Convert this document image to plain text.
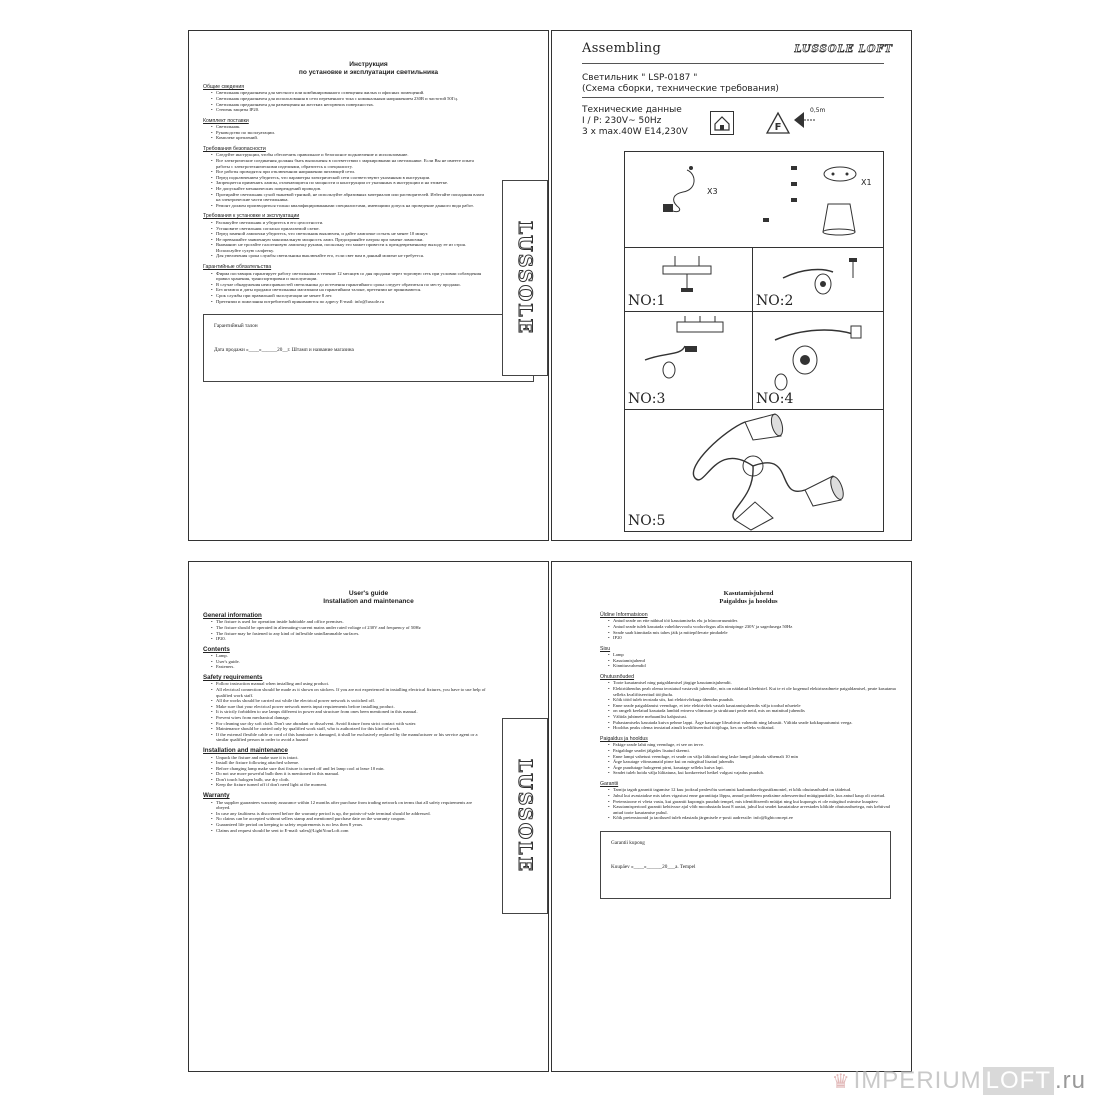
Инструкция
по установке и эксплуатации светильника
Общие сведения
• Светильник предназначен для местного или комбинированного освещения жилых и офисных помещений.
• Светильник предназначен для использования в сети переменного тока с номинальным напряжением 230В и частотой 50Гц.
• Светильник предназначен для размещения на жестких негорючих поверхностях.
• Степень защиты IP20.
Комплект поставки
• Светильник.
• Руководство по эксплуатации.
• Комплект креплений.
Требования безопасности
• Следуйте инструкции, чтобы обеспечить правильное и безопасное подключение и использование.
• Все электрические соединения должны быть выполнены в соответствии с маркировками на светильнике. Если Вы не имеете опыта работы с электротехническими изделиями, обратитесь к специалисту.
• Все работы проводятся при отключенном напряжении питающей сети.
• Перед подключением убедитесь, что параметры электрической сети соответствуют указанным в инструкции.
• Запрещается применять лампы, отличающиеся по мощности и конструкции от указанных в инструкции и на этикетке.
• Не допускайте механических повреждений проводов.
• Протирайте светильник сухой тканевой тряпкой, не используйте абразивных материалов или растворителей. Избегайте попадания влаги на электрические части светильника.
• Ремонт должен производиться только квалифицированными специалистами, имеющими допуск на проведение данного вида работ.
Требования к установке и эксплуатации
• Распакуйте светильник и убедитесь в его целостности.
• Установите светильник согласно прилагаемой схеме.
• Перед заменой лампочки убедитесь, что светильник выключен, и дайте лампочке остыть не менее 10 минут.
• Не превышайте заявленную максимальную мощность ламп. Предохраняйте патрон при замене лампочки.
• Внимание: не трогайте галогеновую лампочку руками, поскольку это может привести к преждевременному выходу ее из строя. Используйте сухую салфетку.
• Для увеличения срока службы светильника выключайте его, если свет вам в данный момент не требуется.
Гарантийные обязательства
• Фирма поставщик гарантирует работу светильника в течение 12 месяцев со дня продажи через торговую сеть при условии соблюдения правил хранения, транспортировки и эксплуатации.
• В случае обнаружения неисправностей светильника до истечения гарантийного срока следует обратиться по месту продажи.
• Без штампа и даты продажи светильника магазином на гарантийном талоне, претензии не принимаются.
• Срок службы при правильной эксплуатации не менее 8 лет.
• Претензии и пожелания потребителей принимаются по адресу E-mail: info@lussole.ru
Гарантийный талон
Дата продажи «____»______20__г. Штамп и название магазина
LUSSOLE
Assembling	LUSSOLE LOFT
Светильник " LSP-0187 "
(Схема сборки, технические требования)
Технические данные
I / P: 230V~ 50Hz
3 x max.40W E14,230V	F
0,5m
X3
X1
NO:1	NO:2
NO:3	NO:4
NO:5
User's guide
Installation and maintenance
General information
• The fixture is used for operation inside habitable and office premises.
• The fixture should be operated in alternating-current mains under rated voltage of 230V and frequency of 50Hz
• The fixture may be fastened to any kind of inflexible uninflammable surfaces.
• IP20.
Contents
• Lamp.
• User's guide.
• Fasteners.
Safety requirements
• Follow instruction manual when installing and using product.
• All electrical connection should be made as it shown on stickers. If you are not experienced in installing electrical fixtures, you have to use help of qualified work staff.
• All the works should be carried out while the electrical power network is switched off.
• Make sure that your electrical power network meets input requirements before installing product.
• It is strictly forbidden to use lamps different in power and structure from ones been mentioned in this manual.
• Prevent wires from mechanical damage.
• For cleaning use dry soft cloth. Don't use abradant or dissolvent. Avoid fixture from strict contact with water.
• Maintenance should be carried only by qualified work staff, who is authorized for this kind of work.
• If the external flexible cable or cord of this luminaire is damaged, it shall be exclusively replaced by the manufacturer or his service agent or a similar qualified person in order to avoid a hazard
Installation and maintenance
• Unpack the fixture and make sure it is intact.
• Install the fixture following attached scheme.
• Before changing lamp make sure that fixture is turned off and let lamp cool at lease 10 min.
• Do not use more powerful bulb then it is mentioned in this manual.
• Don't touch halogen bulb, use dry cloth.
• Keep the fixture turned off if don't need light at the moment.
Warranty
• The supplier guarantees warranty assurance within 12 months after purchase from trading network on terms that all safety requirements are obeyed.
• In case any faultiness is discovered before the warranty period is up, the points-of-sale terminal should be addressed.
• No claims can be accepted without sellers stamp and mentioned purchase date on the warranty coupon.
• Guaranteed life period on keeping to safety requirements is no less then 8 years.
• Claims and request should be sent to E-mail: sales@LightYourLoft.com	LUSSOLE
Kasutamisjuhend
Paigaldus ja hooldus
Üldine Informatsioon
• Antud seade on ette nähtud töö kasutamiseks elu ja büroorruumides
• Antud seade tuleb kasutada vahelduvvoolu vooluvõrgus alla nimipinge 230V ja sagedusega 50Hz
• Seade saab kinnitada mis tahes jäik ja mittepõlevate pindadele
• IP20
Sisu
• Lamp
• Kasutamisjuhend
• Kinnitusvahendid
Ohutusnõuded
• Toote kasutamisel ning paigaldamisel järgige kasutamisjuhendit.
• Elektriühendus peab olema teostatud vastavalt juhendile, mis on näidatud kleebistel. Kui te ei ole kogenud elektriseadmete paigaldamisel, peate kasutama selleks kvalifitseeritud tööjõudu.
• Kõik tööd tuleb teostada siis, kui elektrivõrkuga ühendus puudub.
• Enne seade paigaldamist veenduge, et teie elektrivõrk vastab kasutamisjuhendis välja toodud nõuetele
• on rangelt keelatud kasutada lambid erineva võimsuse ja struktuuri peale neid, mis on mainitud juhendis
• Vältida juhtmete mehaanilist kahjustust.
• Puhastamiseks kasutada kuiva pehme lappi. Ärge kasutage lihvabivat vahendit ning lahustit. Vältida seade kokkupuutumist veega.
• Hooldus peaks olema teostatud ainult kvalifitseeritud tööjõuga, kes on selleks volitatud.
Paigaldus ja hooldus
• Pakige seade lahti ning veenduge, et see on terve.
• Paigaldage seadet jälgides lisatud skeemi.
• Enne lampi vahetust veenduge, et seade on välja lülitatud ning laske lampil jahtuda vähemalt 10 min
• Ärge kasutage võimsamaid pirne kui on märgitud lisatud juhendis
• Ärge puudutage halogeeni pirni, kasutage selleks kuiva lapi.
• Seadet tuleb hoida välja lülitatuna, kui konkreetsel hetkel valgust vajadus puudub.
Garantii
• Tarnija tagab garantii tagamise 12 kuu jooksul pealevõtu soetamist kaubandusvõrgustikmontel, et kõik ohutusnõuded on täidetud.
• Juhul kui avastatakse mis tahes vigastusi enne garantiiaja lõppu, annud probleem peaksime adresseeritud müügipunktile, kus antud kaup oli ostetud.
• Pretensioone ei võeta vastu, kui garantii kupongis puudub tempel, mis identifitseerib müüjat ning kui kupongis ei ole märgitud ostmise kuupäev.
• Kasutamisperiood garantii kehtivuse ajal võib moodustada kuni 8 aastat, juhul kui seadet kasutatakse arvestades kõikide ohutusnõuetega, mis kehtivad antud toote kasutamise puhul.
• Kõik pretensioonid ja taotlused tuleb edastada järgmisele e-posti aadressile: info@lightconcept.ee
Garantii kupong
Kuupäev «____»______20___a. Tempel
♛ IMPERIUM LOFT .ru
